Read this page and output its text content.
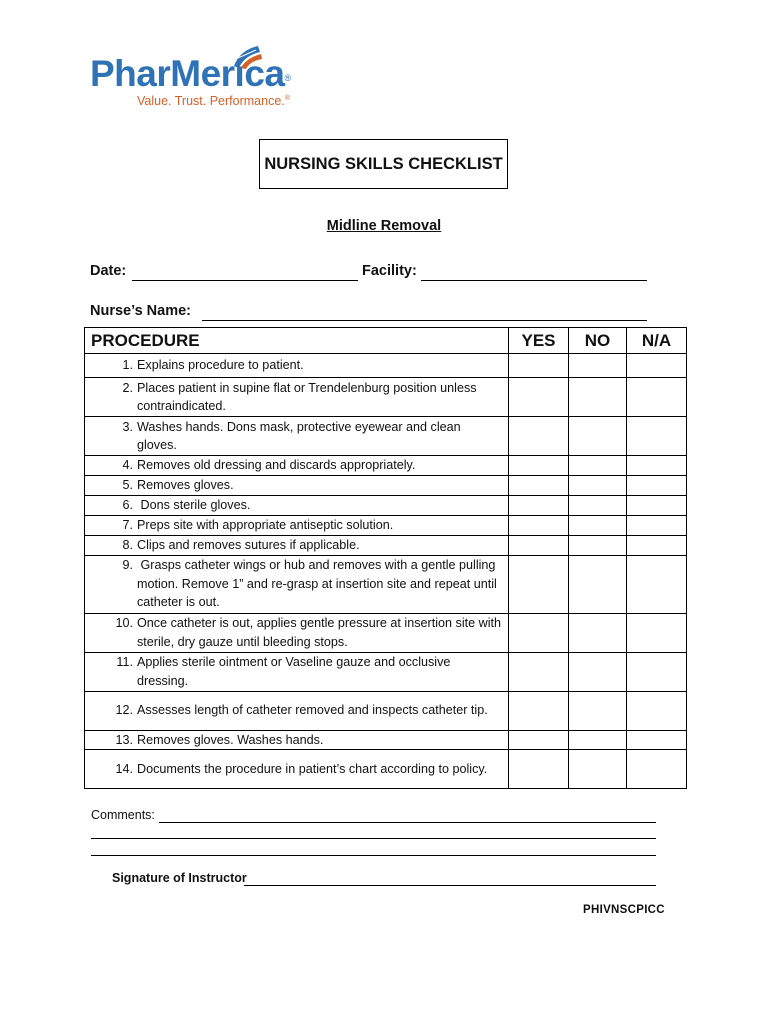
PharMerica®
Value. Trust. Performance.®
NURSING SKILLS CHECKLIST
Midline Removal
Date:	Facility:
Nurse’s Name:
PROCEDURE	YES	NO	N/A

1. Explains procedure to patient.			

2. Places patient in supine flat or Trendelenburg position unless contraindicated.			

3. Washes hands. Dons mask, protective eyewear and clean gloves.			

4. Removes old dressing and discards appropriately.			

5. Removes gloves.			

6. Dons sterile gloves.			

7. Preps site with appropriate antiseptic solution.			

8. Clips and removes sutures if applicable.			

9. Grasps catheter wings or hub and removes with a gentle pulling motion. Remove 1” and re-grasp at insertion site and repeat until catheter is out.			

10. Once catheter is out, applies gentle pressure at insertion site with sterile, dry gauze until bleeding stops.			

11. Applies sterile ointment or Vaseline gauze and occlusive dressing.			

12. Assesses length of catheter removed and inspects catheter tip.			

13. Removes gloves. Washes hands.			

14. Documents the procedure in patient’s chart according to policy.			

Comments:
Signature of Instructor
PHIVNSCPICC
